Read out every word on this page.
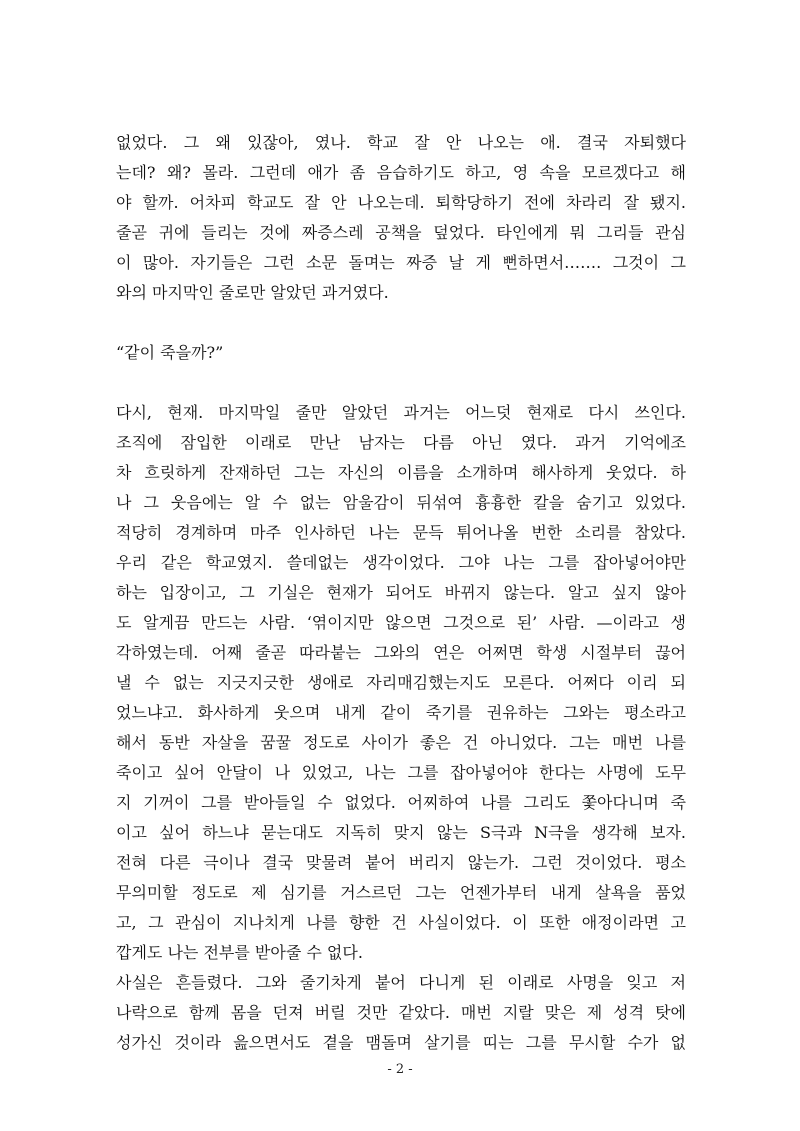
없었다. 그 왜 있잖아, 였나. 학교 잘 안 나오는 애. 결국 자퇴했다
는데? 왜? 몰라. 그런데 애가 좀 음습하기도 하고, 영 속을 모르겠다고 해
야 할까. 어차피 학교도 잘 안 나오는데. 퇴학당하기 전에 차라리 잘 됐지.
줄곧 귀에 들리는 것에 짜증스레 공책을 덮었다. 타인에게 뭐 그리들 관심
이 많아. 자기들은 그런 소문 돌며는 짜증 날 게 뻔하면서……. 그것이 그
와의 마지막인 줄로만 알았던 과거였다.
“같이 죽을까?”
다시, 현재. 마지막일 줄만 알았던 과거는 어느덧 현재로 다시 쓰인다.
조직에 잠입한 이래로 만난 남자는 다름 아닌 였다. 과거 기억에조
차 흐릿하게 잔재하던 그는 자신의 이름을 소개하며 해사하게 웃었다. 하
나 그 웃음에는 알 수 없는 암울감이 뒤섞여 흉흉한 칼을 숨기고 있었다.
적당히 경계하며 마주 인사하던 나는 문득 튀어나올 번한 소리를 참았다.
우리 같은 학교였지. 쓸데없는 생각이었다. 그야 나는 그를 잡아넣어야만
하는 입장이고, 그 기실은 현재가 되어도 바뀌지 않는다. 알고 싶지 않아
도 알게끔 만드는 사람. ‘엮이지만 않으면 그것으로 된’ 사람. —이라고 생
각하였는데. 어째 줄곧 따라붙는 그와의 연은 어쩌면 학생 시절부터 끊어
낼 수 없는 지긋지긋한 생애로 자리매김했는지도 모른다. 어쩌다 이리 되
었느냐고. 화사하게 웃으며 내게 같이 죽기를 권유하는 그와는 평소라고
해서 동반 자살을 꿈꿀 정도로 사이가 좋은 건 아니었다. 그는 매번 나를
죽이고 싶어 안달이 나 있었고, 나는 그를 잡아넣어야 한다는 사명에 도무
지 기꺼이 그를 받아들일 수 없었다. 어찌하여 나를 그리도 쫓아다니며 죽
이고 싶어 하느냐 묻는대도 지독히 맞지 않는 S극과 N극을 생각해 보자.
전혀 다른 극이나 결국 맞물려 붙어 버리지 않는가. 그런 것이었다. 평소
무의미할 정도로 제 심기를 거스르던 그는 언젠가부터 내게 살욕을 품었
고, 그 관심이 지나치게 나를 향한 건 사실이었다. 이 또한 애정이라면 고
깝게도 나는 전부를 받아줄 수 없다.
사실은 흔들렸다. 그와 줄기차게 붙어 다니게 된 이래로 사명을 잊고 저
나락으로 함께 몸을 던져 버릴 것만 같았다. 매번 지랄 맞은 제 성격 탓에
성가신 것이라 읊으면서도 곁을 맴돌며 살기를 띠는 그를 무시할 수가 없
- 2 -
